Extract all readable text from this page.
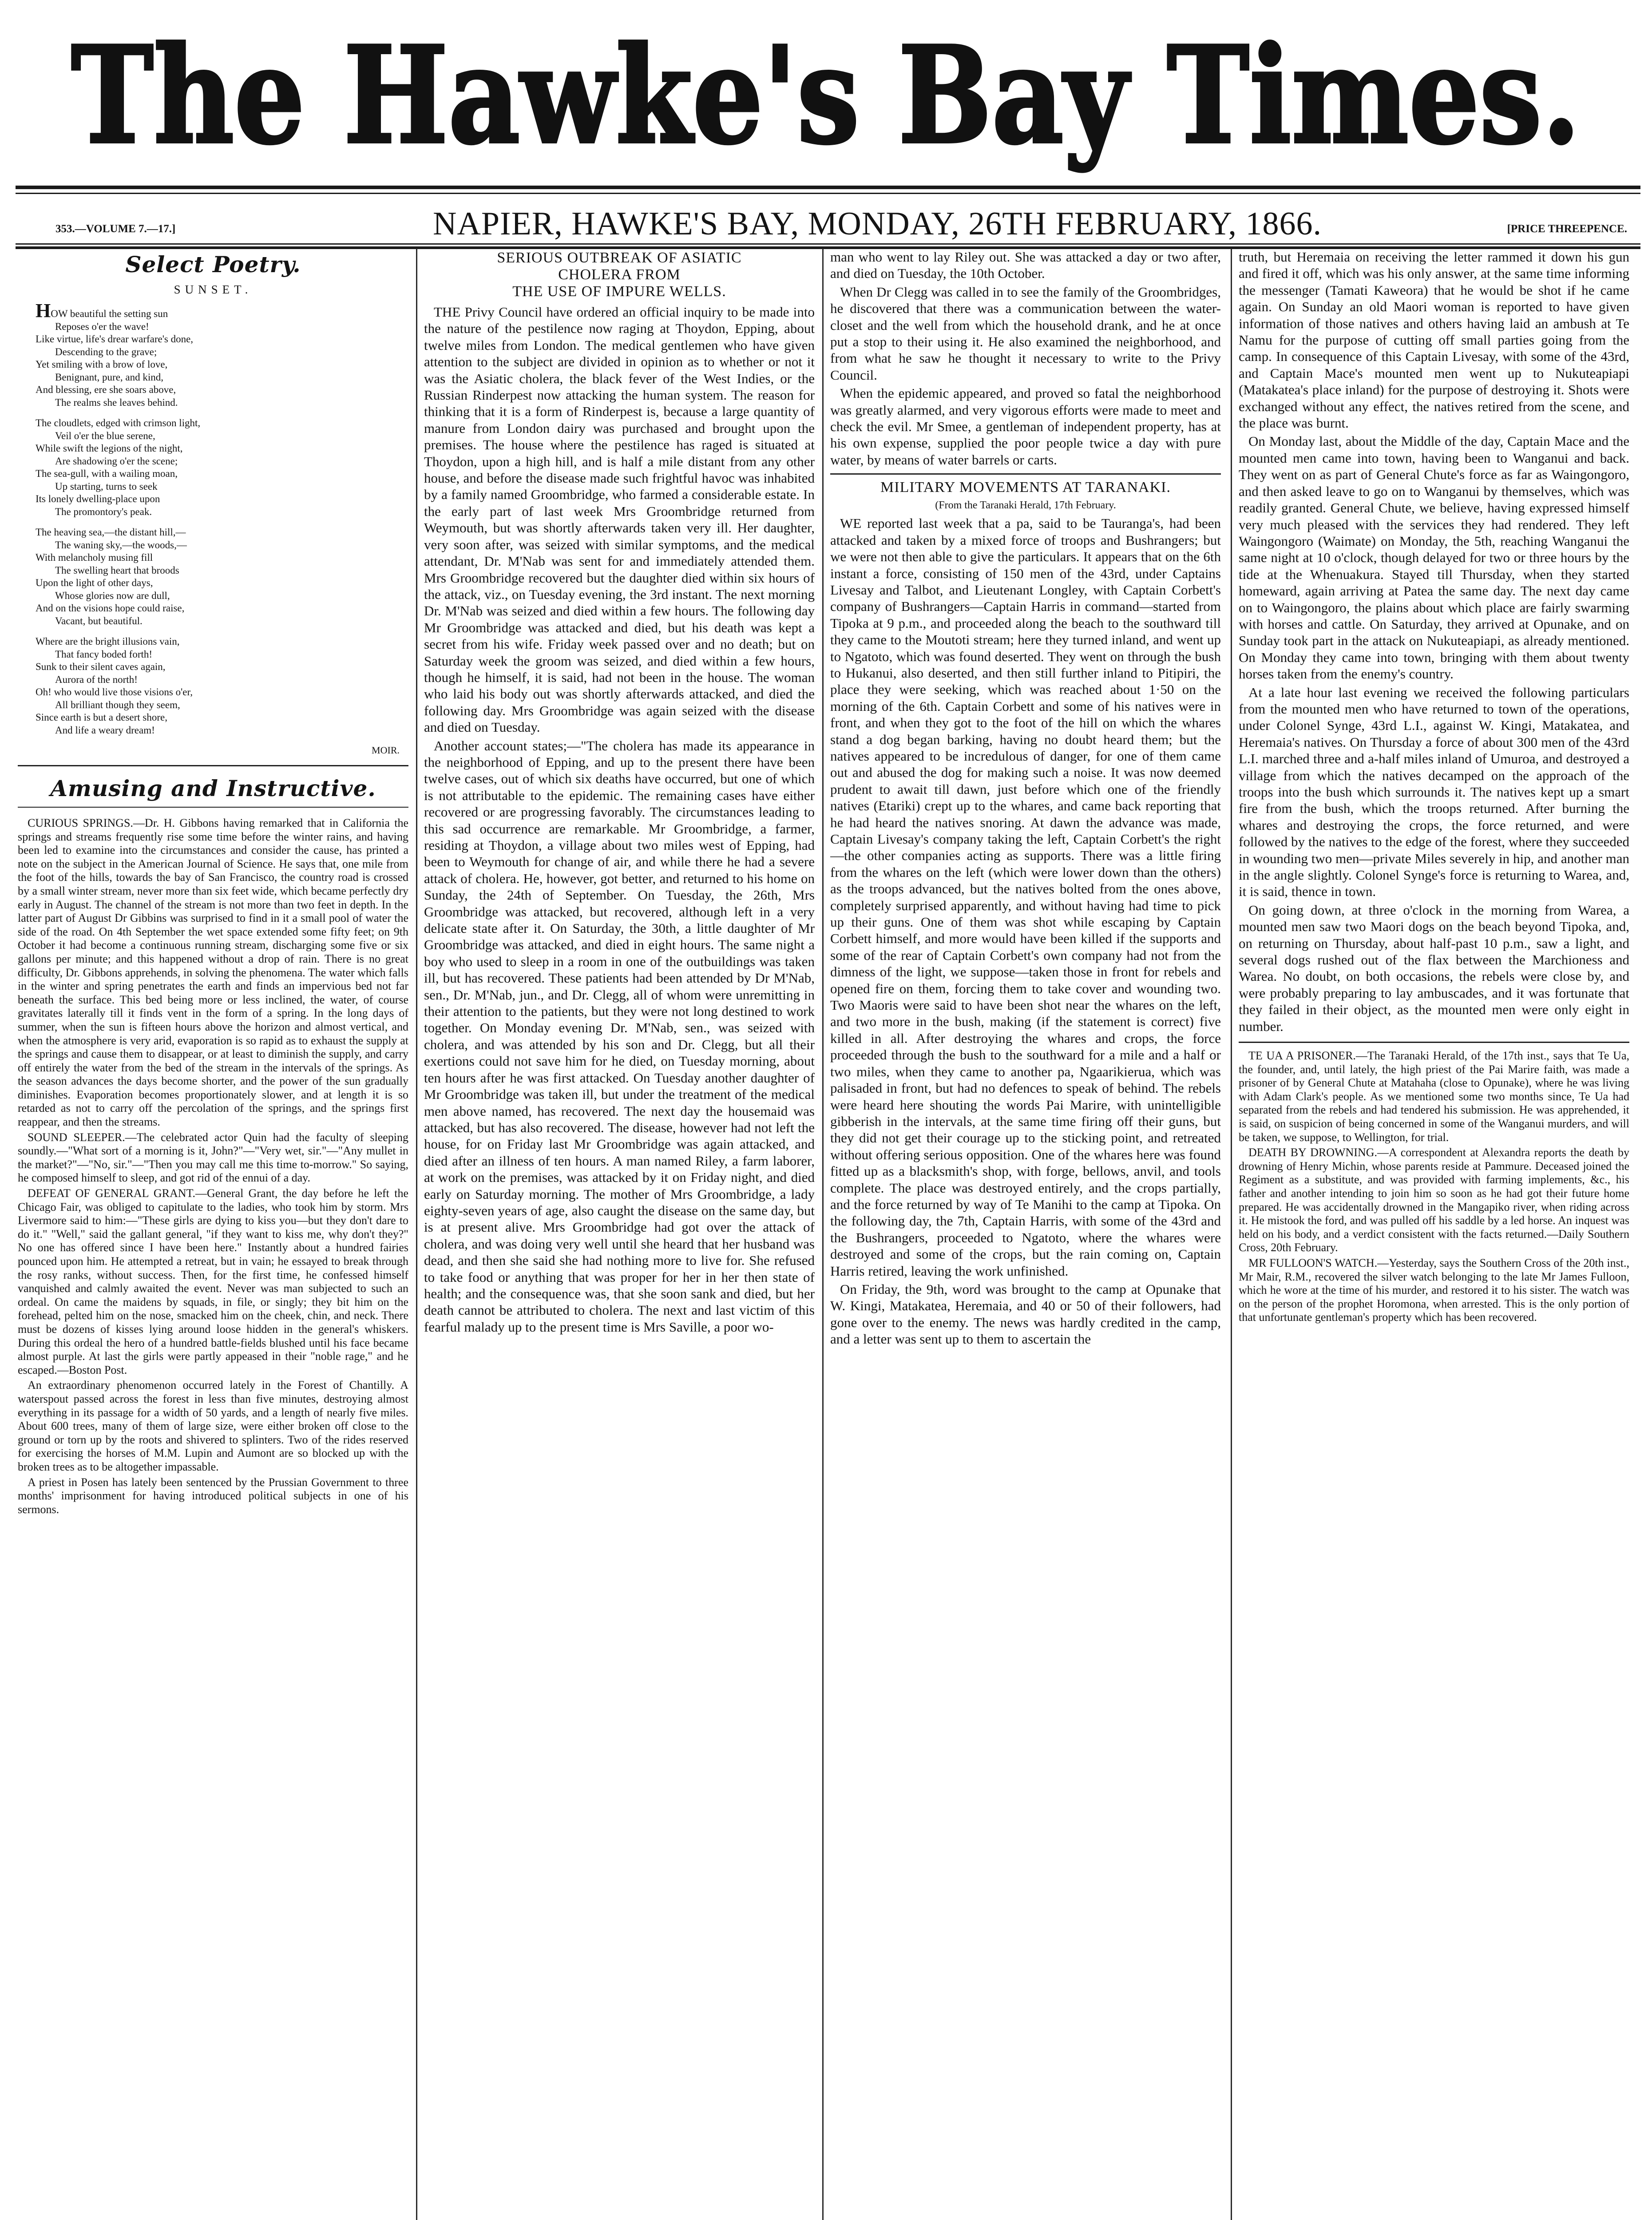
The Hawke's Bay Times.
353.—VOLUME 7.—17.]	NAPIER, HAWKE'S BAY, MONDAY, 26TH FEBRUARY, 1866.	[PRICE THREEPENCE.
Select Poetry.
SUNSET.
HOW beautiful the setting sun
Reposes o'er the wave!
Like virtue, life's drear warfare's done,
Descending to the grave;
Yet smiling with a brow of love,
Benignant, pure, and kind,
And blessing, ere she soars above,
The realms she leaves behind.
The cloudlets, edged with crimson light,
Veil o'er the blue serene,
While swift the legions of the night,
Are shadowing o'er the scene;
The sea-gull, with a wailing moan,
Up starting, turns to seek
Its lonely dwelling-place upon
The promontory's peak.
The heaving sea,—the distant hill,—
The waning sky,—the woods,—
With melancholy musing fill
The swelling heart that broods
Upon the light of other days,
Whose glories now are dull,
And on the visions hope could raise,
Vacant, but beautiful.
Where are the bright illusions vain,
That fancy boded forth!
Sunk to their silent caves again,
Aurora of the north!
Oh! who would live those visions o'er,
All brilliant though they seem,
Since earth is but a desert shore,
And life a weary dream!
MOIR.
Amusing and Instructive.

CURIOUS SPRINGS.—Dr. H. Gibbons having remarked that in California the springs and streams frequently rise some time before the winter rains, and having been led to examine into the circumstances and consider the cause, has printed a note on the subject in the American Journal of Science. He says that, one mile from the foot of the hills, towards the bay of San Francisco, the country road is crossed by a small winter stream, never more than six feet wide, which became perfectly dry early in August. The channel of the stream is not more than two feet in depth. In the latter part of August Dr Gibbins was surprised to find in it a small pool of water the side of the road. On 4th September the wet space extended some fifty feet; on 9th October it had become a continuous running stream, discharging some five or six gallons per minute; and this happened without a drop of rain. There is no great difficulty, Dr. Gibbons apprehends, in solving the phenomena. The water which falls in the winter and spring penetrates the earth and finds an impervious bed not far beneath the surface. This bed being more or less inclined, the water, of course gravitates laterally till it finds vent in the form of a spring. In the long days of summer, when the sun is fifteen hours above the horizon and almost vertical, and when the atmosphere is very arid, evaporation is so rapid as to exhaust the supply at the springs and cause them to disappear, or at least to diminish the supply, and carry off entirely the water from the bed of the stream in the intervals of the springs. As the season advances the days become shorter, and the power of the sun gradually diminishes. Evaporation becomes proportionately slower, and at length it is so retarded as not to carry off the percolation of the springs, and the springs first reappear, and then the streams.

SOUND SLEEPER.—The celebrated actor Quin had the faculty of sleeping soundly.—"What sort of a morning is it, John?"—"Very wet, sir."—"Any mullet in the market?"—"No, sir."—"Then you may call me this time to-morrow." So saying, he composed himself to sleep, and got rid of the ennui of a day.

DEFEAT OF GENERAL GRANT.—General Grant, the day before he left the Chicago Fair, was obliged to capitulate to the ladies, who took him by storm. Mrs Livermore said to him:—"These girls are dying to kiss you—but they don't dare to do it." "Well," said the gallant general, "if they want to kiss me, why don't they?" No one has offered since I have been here." Instantly about a hundred fairies pounced upon him. He attempted a retreat, but in vain; he essayed to break through the rosy ranks, without success. Then, for the first time, he confessed himself vanquished and calmly awaited the event. Never was man subjected to such an ordeal. On came the maidens by squads, in file, or singly; they bit him on the forehead, pelted him on the nose, smacked him on the cheek, chin, and neck. There must be dozens of kisses lying around loose hidden in the general's whiskers. During this ordeal the hero of a hundred battle-fields blushed until his face became almost purple. At last the girls were partly appeased in their "noble rage," and he escaped.—Boston Post.

An extraordinary phenomenon occurred lately in the Forest of Chantilly. A waterspout passed across the forest in less than five minutes, destroying almost everything in its passage for a width of 50 yards, and a length of nearly five miles. About 600 trees, many of them of large size, were either broken off close to the ground or torn up by the roots and shivered to splinters. Two of the rides reserved for exercising the horses of M.M. Lupin and Aumont are so blocked up with the broken trees as to be altogether impassable.

A priest in Posen has lately been sentenced by the Prussian Government to three months' imprisonment for having introduced political subjects in one of his sermons.

SERIOUS OUTBREAK OF ASIATIC
CHOLERA FROM
THE USE OF IMPURE WELLS.

THE Privy Council have ordered an official inquiry to be made into the nature of the pestilence now raging at Thoydon, Epping, about twelve miles from London. The medical gentlemen who have given attention to the subject are divided in opinion as to whether or not it was the Asiatic cholera, the black fever of the West Indies, or the Russian Rinderpest now attacking the human system. The reason for thinking that it is a form of Rinderpest is, because a large quantity of manure from London dairy was purchased and brought upon the premises. The house where the pestilence has raged is situated at Thoydon, upon a high hill, and is half a mile distant from any other house, and before the disease made such frightful havoc was inhabited by a family named Groombridge, who farmed a considerable estate. In the early part of last week Mrs Groombridge returned from Weymouth, but was shortly afterwards taken very ill. Her daughter, very soon after, was seized with similar symptoms, and the medical attendant, Dr. M'Nab was sent for and immediately attended them. Mrs Groombridge recovered but the daughter died within six hours of the attack, viz., on Tuesday evening, the 3rd instant. The next morning Dr. M'Nab was seized and died within a few hours. The following day Mr Groombridge was attacked and died, but his death was kept a secret from his wife. Friday week passed over and no death; but on Saturday week the groom was seized, and died within a few hours, though he himself, it is said, had not been in the house. The woman who laid his body out was shortly afterwards attacked, and died the following day. Mrs Groombridge was again seized with the disease and died on Tuesday.

Another account states;—"The cholera has made its appearance in the neighborhood of Epping, and up to the present there have been twelve cases, out of which six deaths have occurred, but one of which is not attributable to the epidemic. The remaining cases have either recovered or are progressing favorably. The circumstances leading to this sad occurrence are remarkable. Mr Groombridge, a farmer, residing at Thoydon, a village about two miles west of Epping, had been to Weymouth for change of air, and while there he had a severe attack of cholera. He, however, got better, and returned to his home on Sunday, the 24th of September. On Tuesday, the 26th, Mrs Groombridge was attacked, but recovered, although left in a very delicate state after it. On Saturday, the 30th, a little daughter of Mr Groombridge was attacked, and died in eight hours. The same night a boy who used to sleep in a room in one of the outbuildings was taken ill, but has recovered. These patients had been attended by Dr M'Nab, sen., Dr. M'Nab, jun., and Dr. Clegg, all of whom were unremitting in their attention to the patients, but they were not long destined to work together. On Monday evening Dr. M'Nab, sen., was seized with cholera, and was attended by his son and Dr. Clegg, but all their exertions could not save him for he died, on Tuesday morning, about ten hours after he was first attacked. On Tuesday another daughter of Mr Groombridge was taken ill, but under the treatment of the medical men above named, has recovered. The next day the housemaid was attacked, but has also recovered. The disease, however had not left the house, for on Friday last Mr Groombridge was again attacked, and died after an illness of ten hours. A man named Riley, a farm laborer, at work on the premises, was attacked by it on Friday night, and died early on Saturday morning. The mother of Mrs Groombridge, a lady eighty-seven years of age, also caught the disease on the same day, but is at present alive. Mrs Groombridge had got over the attack of cholera, and was doing very well until she heard that her husband was dead, and then she said she had nothing more to live for. She refused to take food or anything that was proper for her in her then state of health; and the consequence was, that she soon sank and died, but her death cannot be attributed to cholera. The next and last victim of this fearful malady up to the present time is Mrs Saville, a poor wo-

man who went to lay Riley out. She was attacked a day or two after, and died on Tuesday, the 10th October.

When Dr Clegg was called in to see the family of the Groombridges, he discovered that there was a communication between the water-closet and the well from which the household drank, and he at once put a stop to their using it. He also examined the neighborhood, and from what he saw he thought it necessary to write to the Privy Council.

When the epidemic appeared, and proved so fatal the neighborhood was greatly alarmed, and very vigorous efforts were made to meet and check the evil. Mr Smee, a gentleman of independent property, has at his own expense, supplied the poor people twice a day with pure water, by means of water barrels or carts.

MILITARY MOVEMENTS AT TARANAKI.
(From the Taranaki Herald, 17th February.

WE reported last week that a pa, said to be Tauranga's, had been attacked and taken by a mixed force of troops and Bushrangers; but we were not then able to give the particulars. It appears that on the 6th instant a force, consisting of 150 men of the 43rd, under Captains Livesay and Talbot, and Lieutenant Longley, with Captain Corbett's company of Bushrangers—Captain Harris in command—started from Tipoka at 9 p.m., and proceeded along the beach to the southward till they came to the Moutoti stream; here they turned inland, and went up to Ngatoto, which was found deserted. They went on through the bush to Hukanui, also deserted, and then still further inland to Pitipiri, the place they were seeking, which was reached about 1·50 on the morning of the 6th. Captain Corbett and some of his natives were in front, and when they got to the foot of the hill on which the whares stand a dog began barking, having no doubt heard them; but the natives appeared to be incredulous of danger, for one of them came out and abused the dog for making such a noise. It was now deemed prudent to await till dawn, just before which one of the friendly natives (Etariki) crept up to the whares, and came back reporting that he had heard the natives snoring. At dawn the advance was made, Captain Livesay's company taking the left, Captain Corbett's the right—the other companies acting as supports. There was a little firing from the whares on the left (which were lower down than the others) as the troops advanced, but the natives bolted from the ones above, completely surprised apparently, and without having had time to pick up their guns. One of them was shot while escaping by Captain Corbett himself, and more would have been killed if the supports and some of the rear of Captain Corbett's own company had not from the dimness of the light, we suppose—taken those in front for rebels and opened fire on them, forcing them to take cover and wounding two. Two Maoris were said to have been shot near the whares on the left, and two more in the bush, making (if the statement is correct) five killed in all. After destroying the whares and crops, the force proceeded through the bush to the southward for a mile and a half or two miles, when they came to another pa, Ngaarikierua, which was palisaded in front, but had no defences to speak of behind. The rebels were heard here shouting the words Pai Marire, with unintelligible gibberish in the intervals, at the same time firing off their guns, but they did not get their courage up to the sticking point, and retreated without offering serious opposition. One of the whares here was found fitted up as a blacksmith's shop, with forge, bellows, anvil, and tools complete. The place was destroyed entirely, and the crops partially, and the force returned by way of Te Manihi to the camp at Tipoka. On the following day, the 7th, Captain Harris, with some of the 43rd and the Bushrangers, proceeded to Ngatoto, where the whares were destroyed and some of the crops, but the rain coming on, Captain Harris retired, leaving the work unfinished.

On Friday, the 9th, word was brought to the camp at Opunake that W. Kingi, Matakatea, Heremaia, and 40 or 50 of their followers, had gone over to the enemy. The news was hardly credited in the camp, and a letter was sent up to them to ascertain the

truth, but Heremaia on receiving the letter rammed it down his gun and fired it off, which was his only answer, at the same time informing the messenger (Tamati Kaweora) that he would be shot if he came again. On Sunday an old Maori woman is reported to have given information of those natives and others having laid an ambush at Te Namu for the purpose of cutting off small parties going from the camp. In consequence of this Captain Livesay, with some of the 43rd, and Captain Mace's mounted men went up to Nukuteapiapi (Matakatea's place inland) for the purpose of destroying it. Shots were exchanged without any effect, the natives retired from the scene, and the place was burnt.

On Monday last, about the Middle of the day, Captain Mace and the mounted men came into town, having been to Wanganui and back. They went on as part of General Chute's force as far as Waingongoro, and then asked leave to go on to Wanganui by themselves, which was readily granted. General Chute, we believe, having expressed himself very much pleased with the services they had rendered. They left Waingongoro (Waimate) on Monday, the 5th, reaching Wanganui the same night at 10 o'clock, though delayed for two or three hours by the tide at the Whenuakura. Stayed till Thursday, when they started homeward, again arriving at Patea the same day. The next day came on to Waingongoro, the plains about which place are fairly swarming with horses and cattle. On Saturday, they arrived at Opunake, and on Sunday took part in the attack on Nukuteapiapi, as already mentioned. On Monday they came into town, bringing with them about twenty horses taken from the enemy's country.

At a late hour last evening we received the following particulars from the mounted men who have returned to town of the operations, under Colonel Synge, 43rd L.I., against W. Kingi, Matakatea, and Heremaia's natives. On Thursday a force of about 300 men of the 43rd L.I. marched three and a-half miles inland of Umuroa, and destroyed a village from which the natives decamped on the approach of the troops into the bush which surrounds it. The natives kept up a smart fire from the bush, which the troops returned. After burning the whares and destroying the crops, the force returned, and were followed by the natives to the edge of the forest, where they succeeded in wounding two men—private Miles severely in hip, and another man in the angle slightly. Colonel Synge's force is returning to Warea, and, it is said, thence in town.

On going down, at three o'clock in the morning from Warea, a mounted men saw two Maori dogs on the beach beyond Tipoka, and, on returning on Thursday, about half-past 10 p.m., saw a light, and several dogs rushed out of the flax between the Marchioness and Warea. No doubt, on both occasions, the rebels were close by, and were probably preparing to lay ambuscades, and it was fortunate that they failed in their object, as the mounted men were only eight in number.

TE UA A PRISONER.—The Taranaki Herald, of the 17th inst., says that Te Ua, the founder, and, until lately, the high priest of the Pai Marire faith, was made a prisoner of by General Chute at Matahaha (close to Opunake), where he was living with Adam Clark's people. As we mentioned some two months since, Te Ua had separated from the rebels and had tendered his submission. He was apprehended, it is said, on suspicion of being concerned in some of the Wanganui murders, and will be taken, we suppose, to Wellington, for trial.

DEATH BY DROWNING.—A correspondent at Alexandra reports the death by drowning of Henry Michin, whose parents reside at Pammure. Deceased joined the Regiment as a substitute, and was provided with farming implements, &c., his father and another intending to join him so soon as he had got their future home prepared. He was accidentally drowned in the Mangapiko river, when riding across it. He mistook the ford, and was pulled off his saddle by a led horse. An inquest was held on his body, and a verdict consistent with the facts returned.—Daily Southern Cross, 20th February.

MR FULLOON'S WATCH.—Yesterday, says the Southern Cross of the 20th inst., Mr Mair, R.M., recovered the silver watch belonging to the late Mr James Fulloon, which he wore at the time of his murder, and restored it to his sister. The watch was on the person of the prophet Horomona, when arrested. This is the only portion of that unfortunate gentleman's property which has been recovered.
